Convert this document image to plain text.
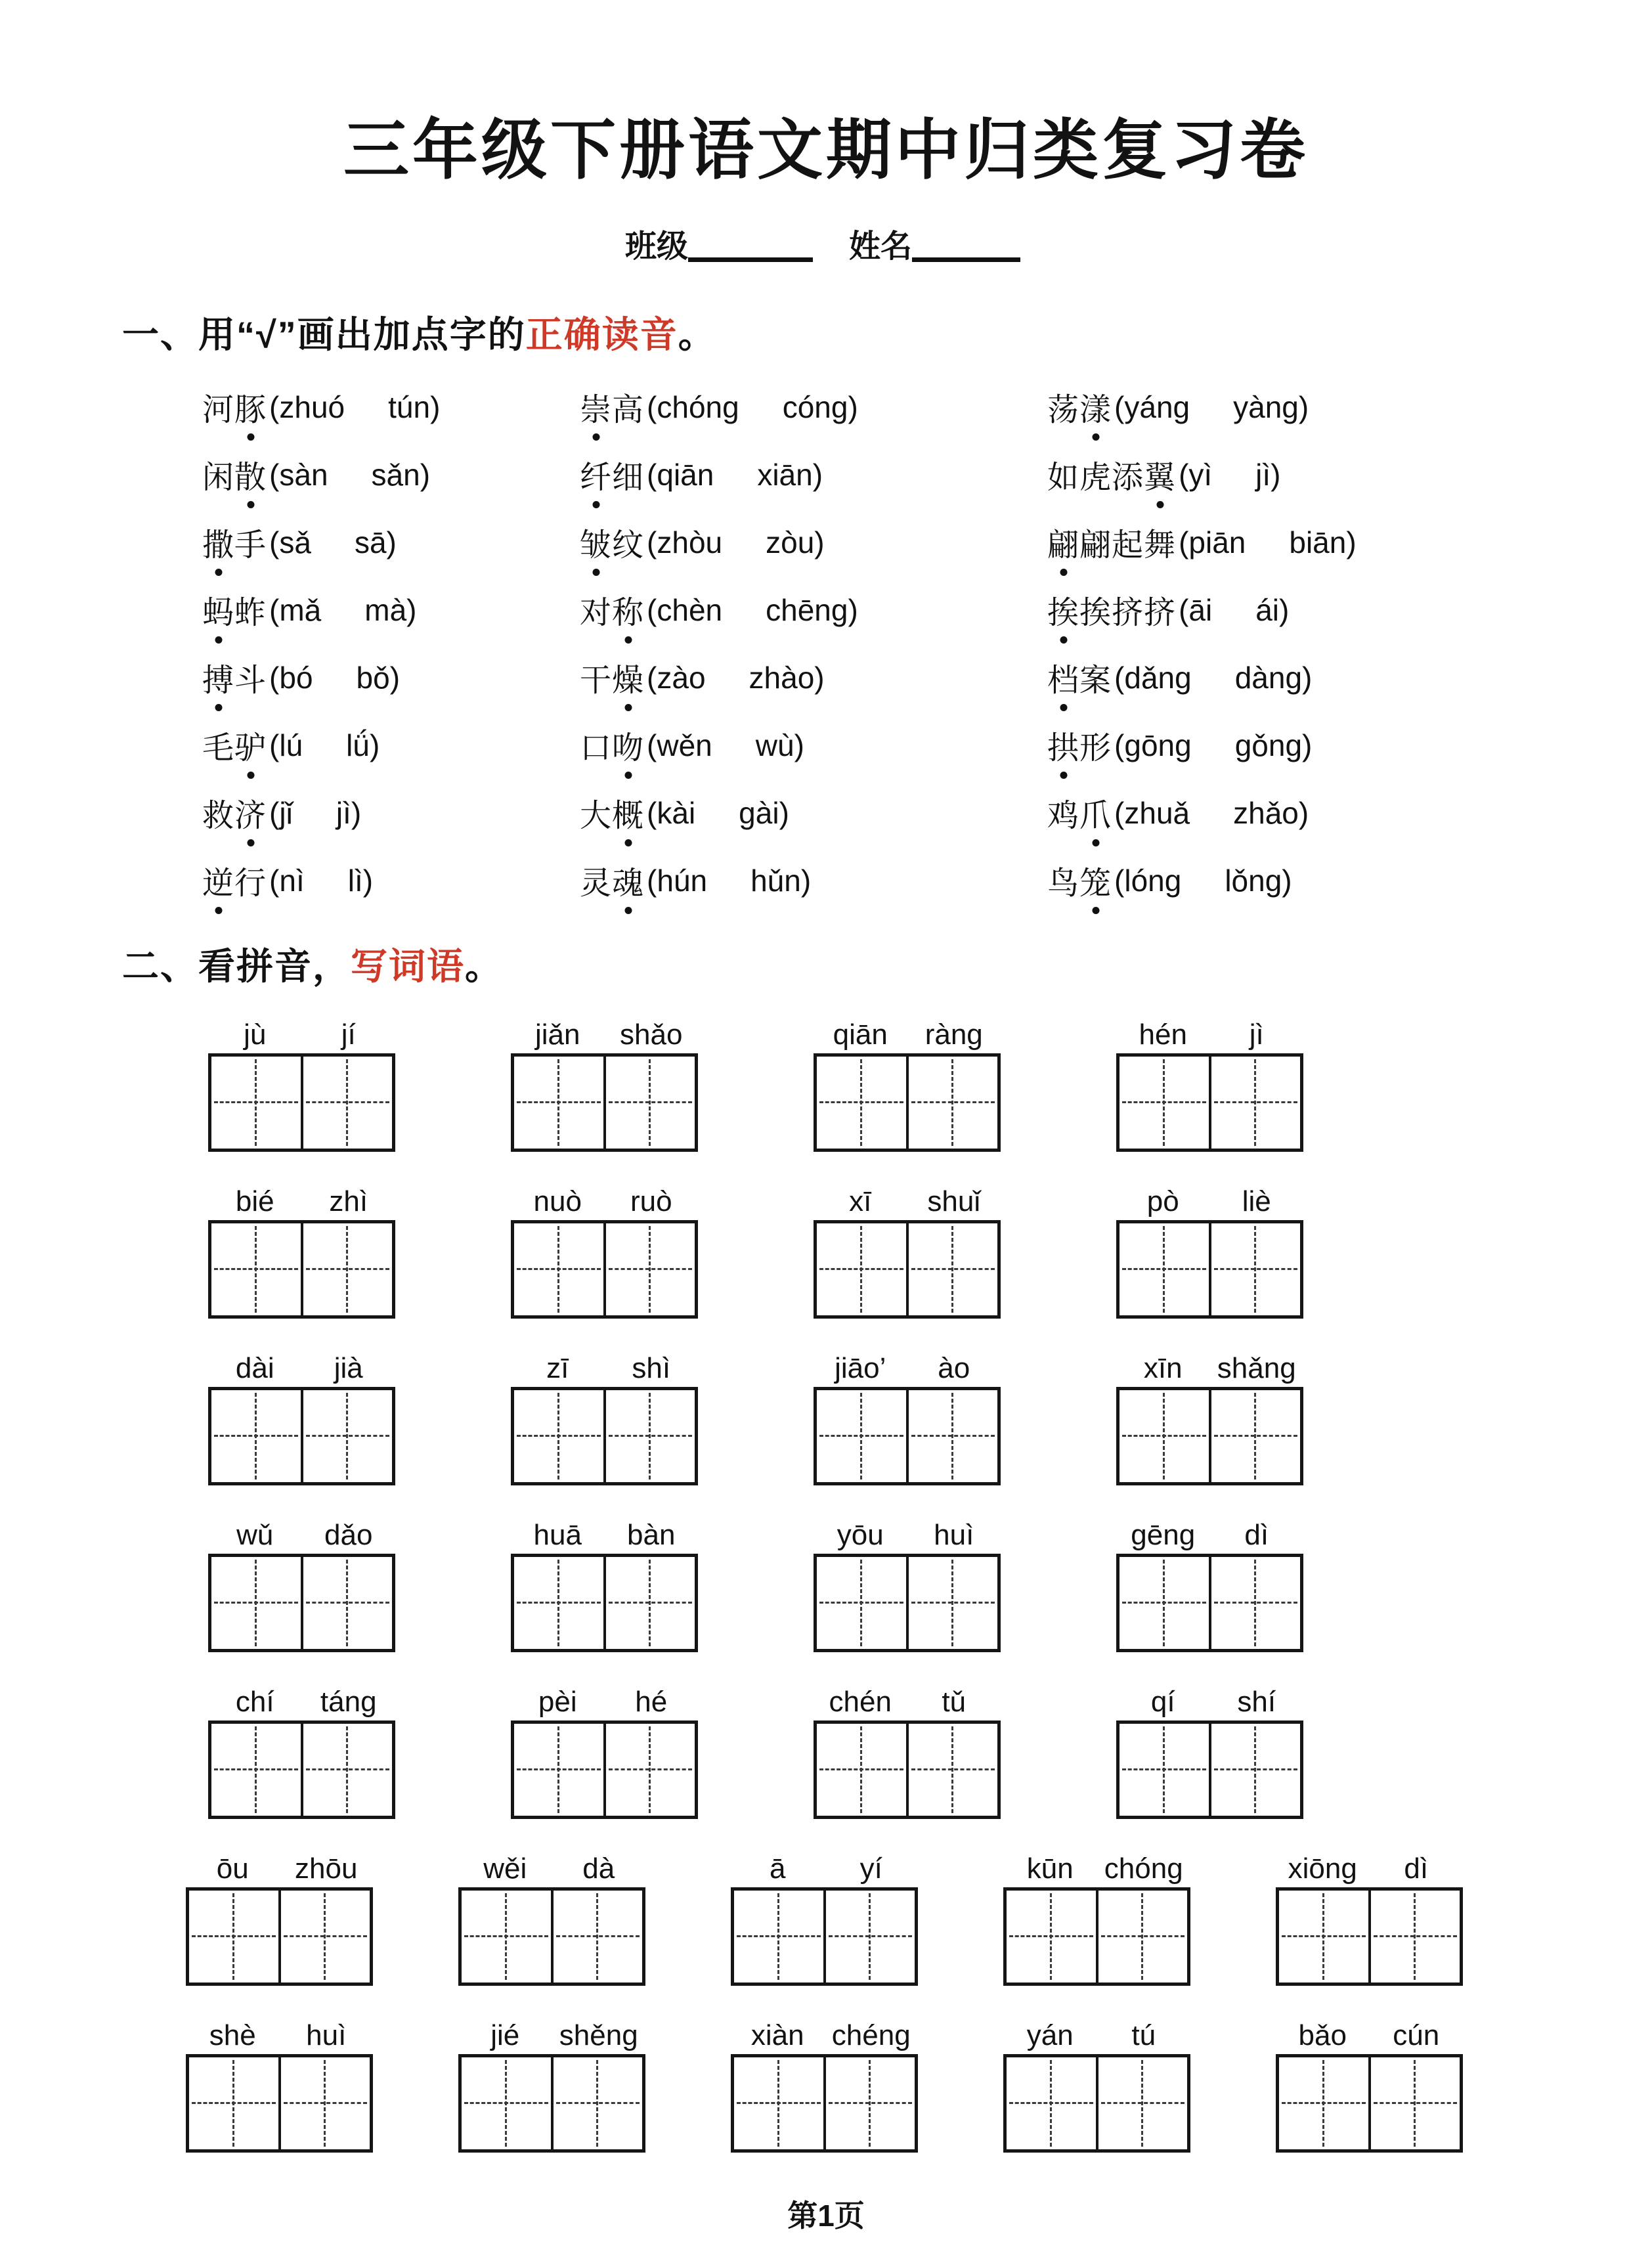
三年级下册语文期中归类复习卷
班级	姓名
一、用“√”画出加点字的正确读音。
河豚 (zhuó tún)
闲散 (sàn sǎn)
撒手 (sǎ sā)
蚂蚱 (mǎ mà)
搏斗 (bó bǒ)
毛驴 (lú lǘ)
救济 (jǐ jì)
逆行 (nì lì)
崇高 (chóng cóng)
纤细 (qiān xiān)
皱纹 (zhòu zòu)
对称 (chèn chēng)
干燥 (zào zhào)
口吻 (wěn wù)
大概 (kài gài)
灵魂 (hún hǔn)
荡漾 (yáng yàng)
如虎添翼 (yì jì)
翩翩起舞 (piān biān)
挨挨挤挤 (āi ái)
档案 (dǎng dàng)
拱形 (gōng gǒng)
鸡爪 (zhuǎ zhǎo)
鸟笼 (lóng lǒng)
二、看拼音，写词语。
jù	jí	jiǎn	shǎo	qiān	ràng	hén	jì
bié	zhì	nuò	ruò	xī	shuǐ	pò	liè
dài	jià	zī	shì	jiāo’	ào	xīn	shǎng
wǔ	dǎo	huā	bàn	yōu	huì	gēng	dì
chí	táng	pèi	hé	chén	tǔ	qí	shí
ōu	zhōu	wěi	dà	ā	yí	kūn	chóng	xiōng	dì
shè	huì	jié	shěng	xiàn chéng	yán	tú	bǎo	cún
第1页
